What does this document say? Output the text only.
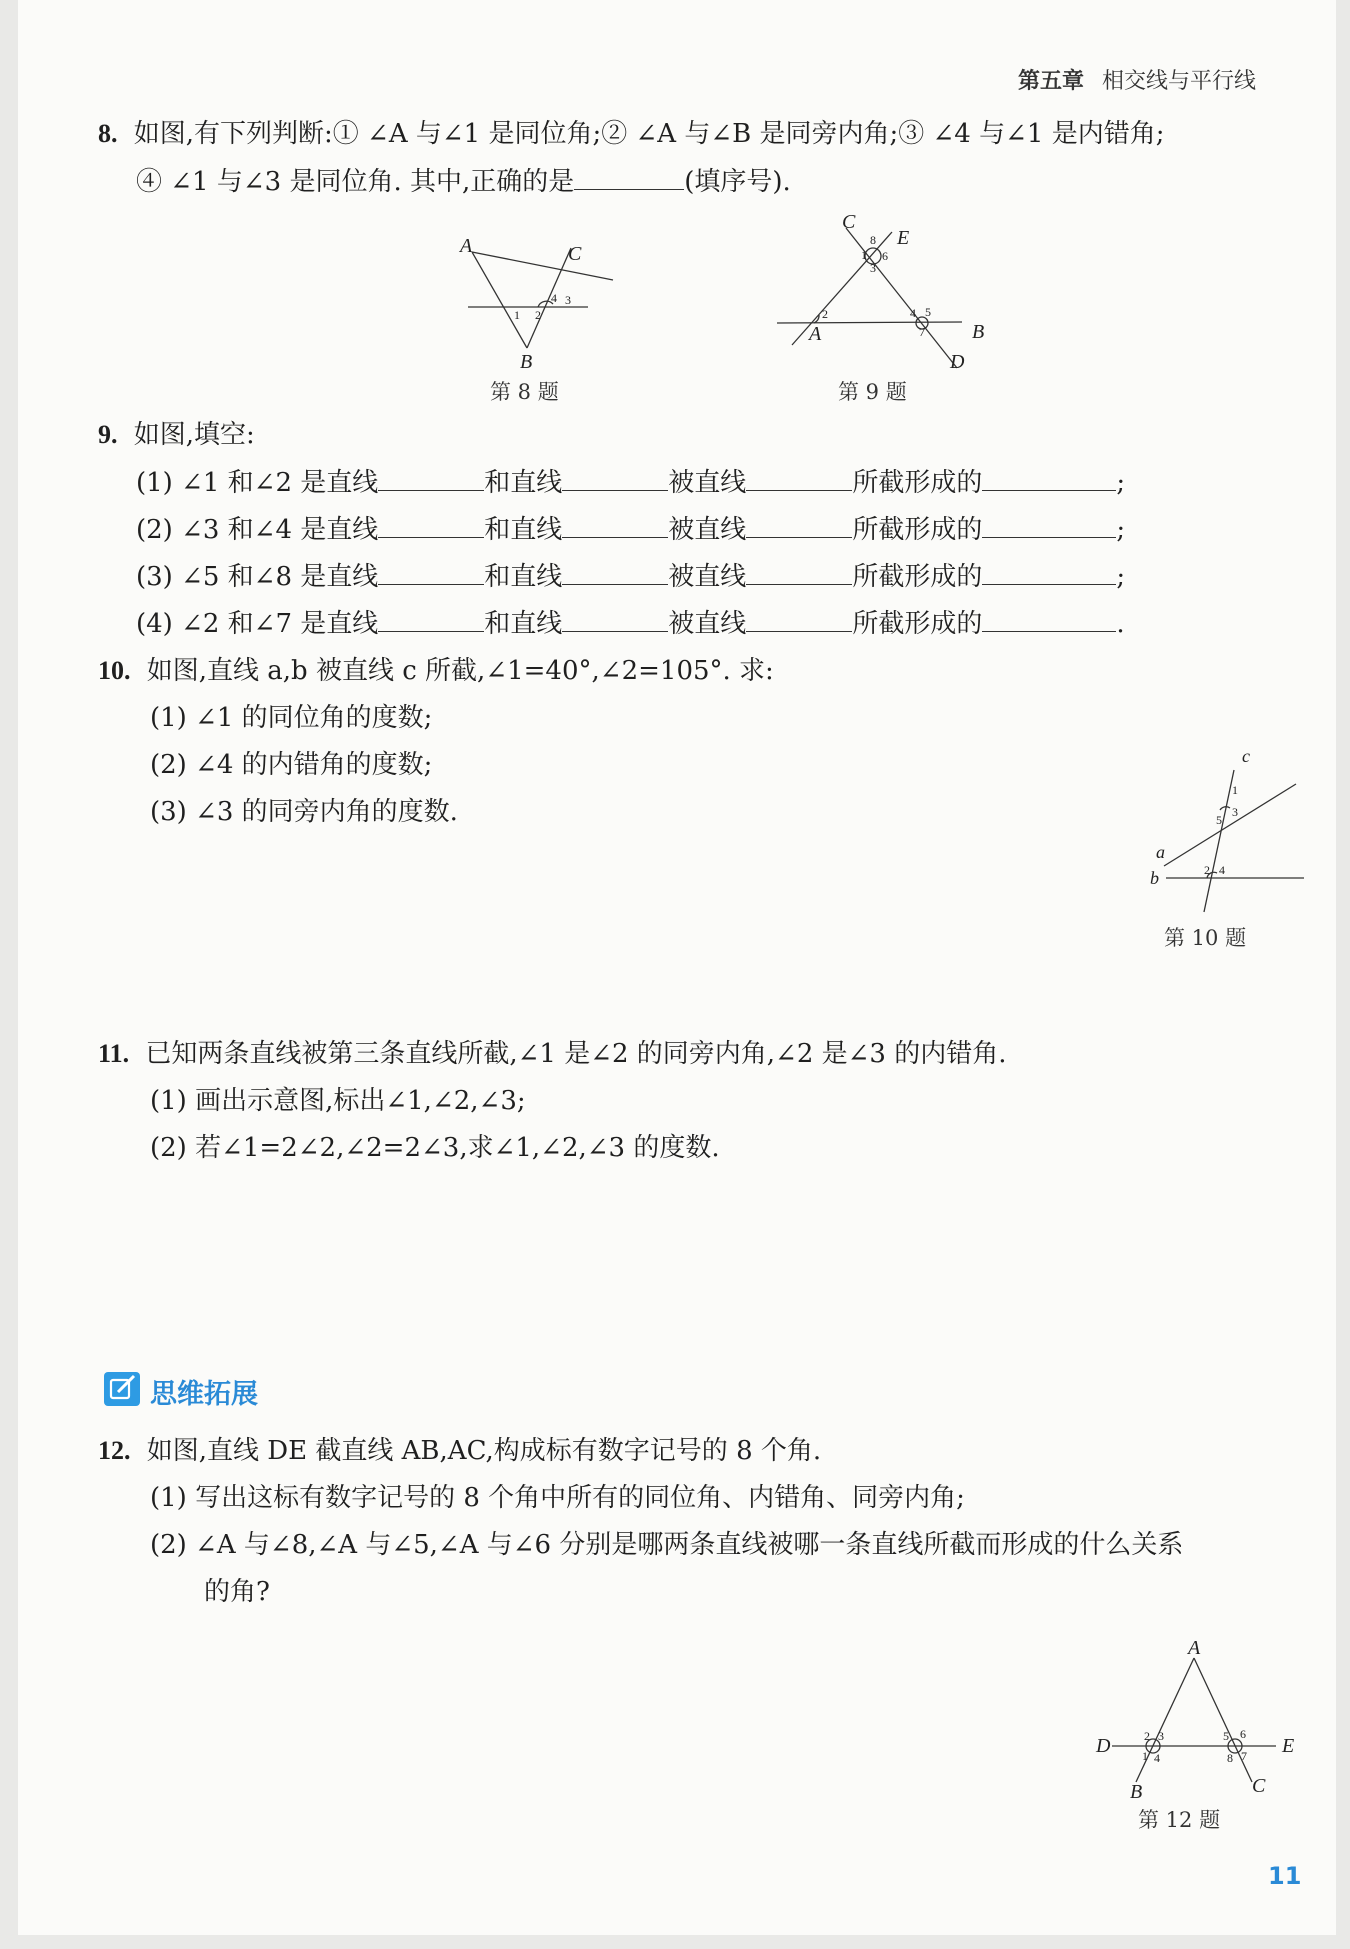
第五章 相交线与平行线
8. 如图,有下列判断:① ∠A 与∠1 是同位角;② ∠A 与∠B 是同旁内角;③ ∠4 与∠1 是内错角;
④ ∠1 与∠3 是同位角. 其中,正确的是	(填序号).
A	C
B
1 2
4 3
第 8 题
C
E
A	B
D
8
1 6
3
2	4 5
7
第 9 题
9. 如图,填空:
(1) ∠1 和∠2 是直线	和直线	被直线	所截形成的	;
(2) ∠3 和∠4 是直线	和直线	被直线	所截形成的	;
(3) ∠5 和∠8 是直线	和直线	被直线	所截形成的	;
(4) ∠2 和∠7 是直线	和直线	被直线	所截形成的	.
10. 如图,直线 a,b 被直线 c 所截,∠1=40°,∠2=105°. 求:
(1) ∠1 的同位角的度数;
(2) ∠4 的内错角的度数;
(3) ∠3 的同旁内角的度数.
c
a
b
1
5
3
2 4
第 10 题
11. 已知两条直线被第三条直线所截,∠1 是∠2 的同旁内角,∠2 是∠3 的内错角.
(1) 画出示意图,标出∠1,∠2,∠3;
(2) 若∠1=2∠2,∠2=2∠3,求∠1,∠2,∠3 的度数.
思维拓展
12. 如图,直线 DE 截直线 AB,AC,构成标有数字记号的 8 个角.
(1) 写出这标有数字记号的 8 个角中所有的同位角、内错角、同旁内角;
(2) ∠A 与∠8,∠A 与∠5,∠A 与∠6 分别是哪两条直线被哪一条直线所截而形成的什么关系
的角?
A
D	E
B	C
2 3
1 4
5 6
8 7
第 12 题
11
